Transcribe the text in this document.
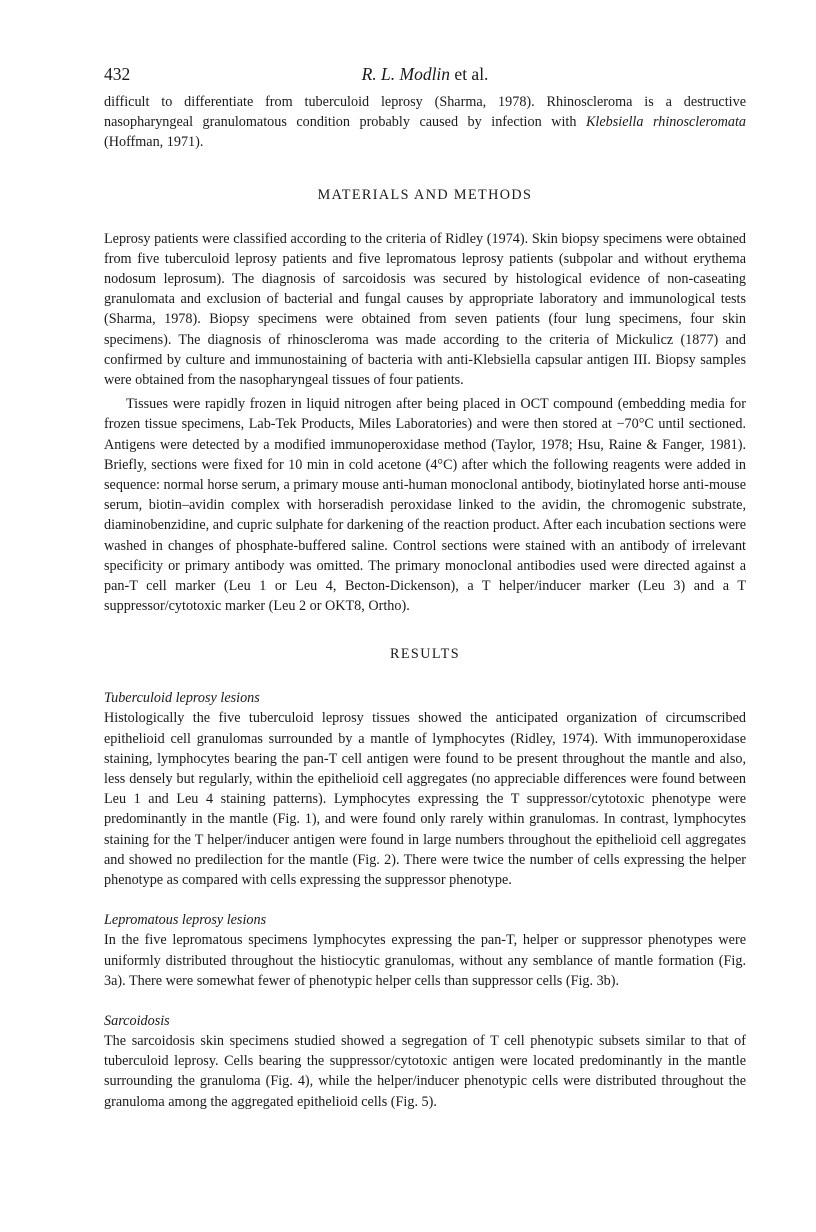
432	R. L. Modlin et al.

difficult to differentiate from tuberculoid leprosy (Sharma, 1978). Rhinoscleroma is a destructive nasopharyngeal granulomatous condition probably caused by infection with Klebsiella rhinoscleromata (Hoffman, 1971).

MATERIALS AND METHODS

Leprosy patients were classified according to the criteria of Ridley (1974). Skin biopsy specimens were obtained from five tuberculoid leprosy patients and five lepromatous leprosy patients (subpolar and without erythema nodosum leprosum). The diagnosis of sarcoidosis was secured by histological evidence of non-caseating granulomata and exclusion of bacterial and fungal causes by appropriate laboratory and immunological tests (Sharma, 1978). Biopsy specimens were obtained from seven patients (four lung specimens, four skin specimens). The diagnosis of rhinoscleroma was made according to the criteria of Mickulicz (1877) and confirmed by culture and immunostaining of bacteria with anti-Klebsiella capsular antigen III. Biopsy samples were obtained from the nasopharyngeal tissues of four patients.

Tissues were rapidly frozen in liquid nitrogen after being placed in OCT compound (embedding media for frozen tissue specimens, Lab-Tek Products, Miles Laboratories) and were then stored at −70°C until sectioned. Antigens were detected by a modified immunoperoxidase method (Taylor, 1978; Hsu, Raine & Fanger, 1981). Briefly, sections were fixed for 10 min in cold acetone (4°C) after which the following reagents were added in sequence: normal horse serum, a primary mouse anti-human monoclonal antibody, biotinylated horse anti-mouse serum, biotin–avidin complex with horseradish peroxidase linked to the avidin, the chromogenic substrate, diaminobenzidine, and cupric sulphate for darkening of the reaction product. After each incubation sections were washed in changes of phosphate-buffered saline. Control sections were stained with an antibody of irrelevant specificity or primary antibody was omitted. The primary monoclonal antibodies used were directed against a pan-T cell marker (Leu 1 or Leu 4, Becton-Dickenson), a T helper/inducer marker (Leu 3) and a T suppressor/cytotoxic marker (Leu 2 or OKT8, Ortho).

RESULTS
Tuberculoid leprosy lesions

Histologically the five tuberculoid leprosy tissues showed the anticipated organization of circumscribed epithelioid cell granulomas surrounded by a mantle of lymphocytes (Ridley, 1974). With immunoperoxidase staining, lymphocytes bearing the pan-T cell antigen were found to be present throughout the mantle and also, less densely but regularly, within the epithelioid cell aggregates (no appreciable differences were found between Leu 1 and Leu 4 staining patterns). Lymphocytes expressing the T suppressor/cytotoxic phenotype were predominantly in the mantle (Fig. 1), and were found only rarely within granulomas. In contrast, lymphocytes staining for the T helper/inducer antigen were found in large numbers throughout the epithelioid cell aggregates and showed no predilection for the mantle (Fig. 2). There were twice the number of cells expressing the helper phenotype as compared with cells expressing the suppressor phenotype.

Lepromatous leprosy lesions

In the five lepromatous specimens lymphocytes expressing the pan-T, helper or suppressor phenotypes were uniformly distributed throughout the histiocytic granulomas, without any semblance of mantle formation (Fig. 3a). There were somewhat fewer of phenotypic helper cells than suppressor cells (Fig. 3b).

Sarcoidosis

The sarcoidosis skin specimens studied showed a segregation of T cell phenotypic subsets similar to that of tuberculoid leprosy. Cells bearing the suppressor/cytotoxic antigen were located predominantly in the mantle surrounding the granuloma (Fig. 4), while the helper/inducer phenotypic cells were distributed throughout the granuloma among the aggregated epithelioid cells (Fig. 5).
